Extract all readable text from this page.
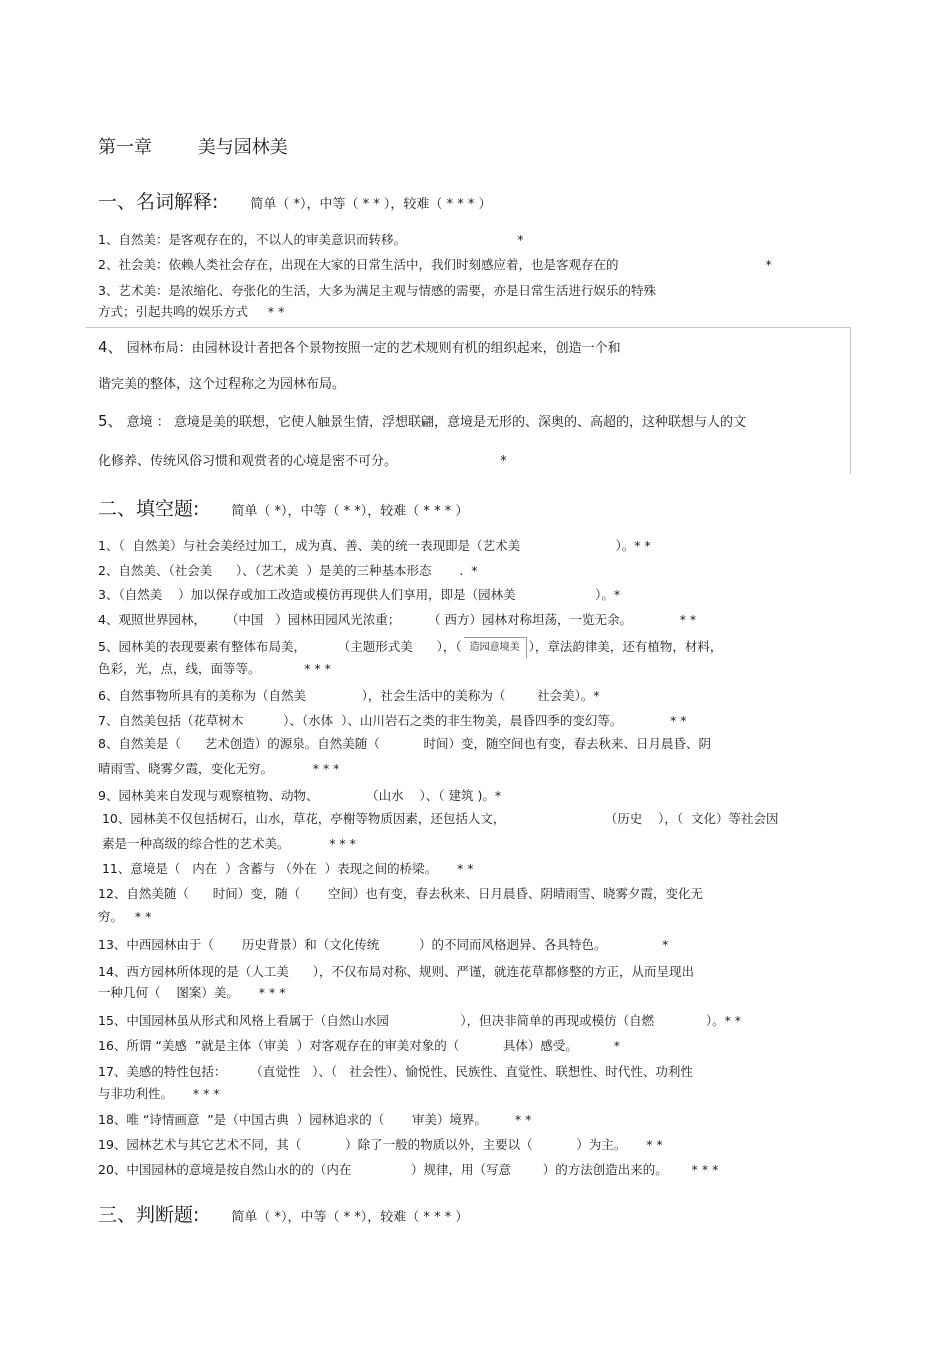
第一章        美与园林美
一、名词解释: 简单（ *），中等（ * * ），较难（ * * * ）
1、自然美：是客观存在的，不以人的审美意识而转移。                            *
2、社会美：依赖人类社会存在，出现在大家的日常生活中，我们时刻感应着，也是客观存在的                                     *
3、艺术美：是浓缩化、夸张化的生活，大多为满足主观与情感的需要，亦是日常生活进行娱乐的特殊
方式；引起共鸣的娱乐方式     * *
4、 园林布局：由园林设计者把各个景物按照一定的艺术规则有机的组织起来，创造一个和
谐完美的整体，这个过程称之为园林布局。
5、 意境 ： 意境是美的联想，它使人触景生情，浮想联翩，意境是无形的、深奥的、高超的，这种联想与人的文
化修养、传统风俗习惯和观赏者的心境是密不可分。                         *
二、填空题: 简单（ *），中等（ * *），较难（ * * * ）
1、（  自然美）与社会美经过加工，成为真、善、美的统一表现即是（艺术美                        ）。* *
2、自然美、（社会美      ）、（艺术美  ）是美的三种基本形态       .  *
3、（自然美    ）加以保存或加工改造或模仿再现供人们享用，即是（园林美                    ）。*
4、观照世界园林，     （中国   ）园林田园风光浓重；       （ 西方）园林对称坦荡，一览无余。            * *
5、园林美的表现要素有整体布局美，        （主题形式美      ），（ 造园意境美 ），章法韵律美，还有植物，材料，
色彩，光，点，线，面等等。           * * *
6、自然事物所具有的美称为（自然美              ），社会生活中的美称为（        社会美）。*
7、自然美包括（花草树木          ）、（水体  ）、山川岩石之类的非生物美，晨昏四季的变幻等。            * *
8、自然美是（      艺术创造）的源泉。自然美随（           时间）变，随空间也有变，春去秋来、日月晨昏、阴
晴雨雪、晓雾夕霞，变化无穷。          * * *
9、园林美来自发现与观察植物、动物、            （山水    ）、（ 建筑 )。*
10、园林美不仅包括树石，山水，草花，亭榭等物质因素，还包括人文，                         （历史    ），（  文化）等社会因
素是一种高级的综合性的艺术美。          * * *
11、意境是（   内在  ）含蓄与 （外在  ）表现之间的桥梁。     * *
12、自然美随（      时间）变，随（       空间）也有变，春去秋来、日月晨昏、阴晴雨雪、晓雾夕霞，变化无
穷。   * *
13、中西园林由于（       历史背景）和（文化传统          ）的不同而风格迥异、各具特色。              *
14、西方园林所体现的是（人工美      ），不仅布局对称、规则、严谨，就连花草都修整的方正，从而呈现出
一种几何（    图案）美。     * * *
15、中国园林虽从形式和风格上看属于（自然山水园                  ），但决非简单的再现或模仿（自燃             ）。* *
16、所谓 “美感  ”就是主体（审美  ）对客观存在的审美对象的（           具体）感受。         *
17、美感的特性包括：      （直觉性   ）、（   社会性）、愉悦性、民族性、直觉性、联想性、时代性、功利性
与非功利性。     * * *
18、唯 “诗情画意  ”是（中国古典  ）园林追求的（       审美）境界。       * *
19、园林艺术与其它艺术不同，其（           ）除了一般的物质以外，主要以（           ）为主。     * *
20、中国园林的意境是按自然山水的的（内在               ）规律，用（写意        ）的方法创造出来的。      * * *
三、判断题: 简单（ *），中等（ * *），较难（ * * * ）
